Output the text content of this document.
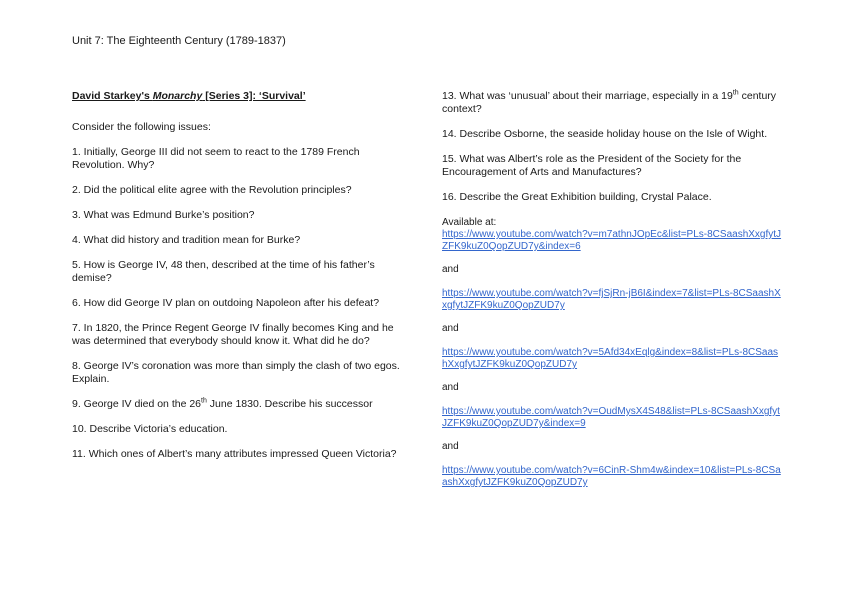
Unit 7: The Eighteenth Century (1789-1837)

David Starkey's Monarchy [Series 3]: ‘Survival’

Consider the following issues:

1. Initially, George III did not seem to react to the 1789 French Revolution. Why?

2. Did the political elite agree with the Revolution principles?

3. What was Edmund Burke’s position?

4. What did history and tradition mean for Burke?

5. How is George IV, 48 then, described at the time of his father’s demise?

6. How did George IV plan on outdoing Napoleon after his defeat?

7. In 1820, the Prince Regent George IV finally becomes King and he was determined that everybody should know it. What did he do?

8. George IV’s coronation was more than simply the clash of two egos. Explain.

9. George IV died on the 26th June 1830. Describe his successor

10. Describe Victoria’s education.

11. Which ones of Albert’s many attributes impressed Queen Victoria?

13. What was ‘unusual’ about their marriage, especially in a 19th century context?

14. Describe Osborne, the seaside holiday house on the Isle of Wight.

15. What was Albert’s role as the President of the Society for the Encouragement of Arts and Manufactures?

16. Describe the Great Exhibition building, Crystal Palace.

Available at:

https://www.youtube.com/watch?v=m7athnJOpEc&list=PLs-8CSaashXxgfytJZFK9kuZ0QopZUD7y&index=6

and

https://www.youtube.com/watch?v=fjSjRn-jB6I&index=7&list=PLs-8CSaashXxgfytJZFK9kuZ0QopZUD7y

and

https://www.youtube.com/watch?v=5Afd34xEqlg&index=8&list=PLs-8CSaashXxgfytJZFK9kuZ0QopZUD7y

and

https://www.youtube.com/watch?v=OudMysX4S48&list=PLs-8CSaashXxgfytJZFK9kuZ0QopZUD7y&index=9

and

https://www.youtube.com/watch?v=6CinR-Shm4w&index=10&list=PLs-8CSaashXxgfytJZFK9kuZ0QopZUD7y
